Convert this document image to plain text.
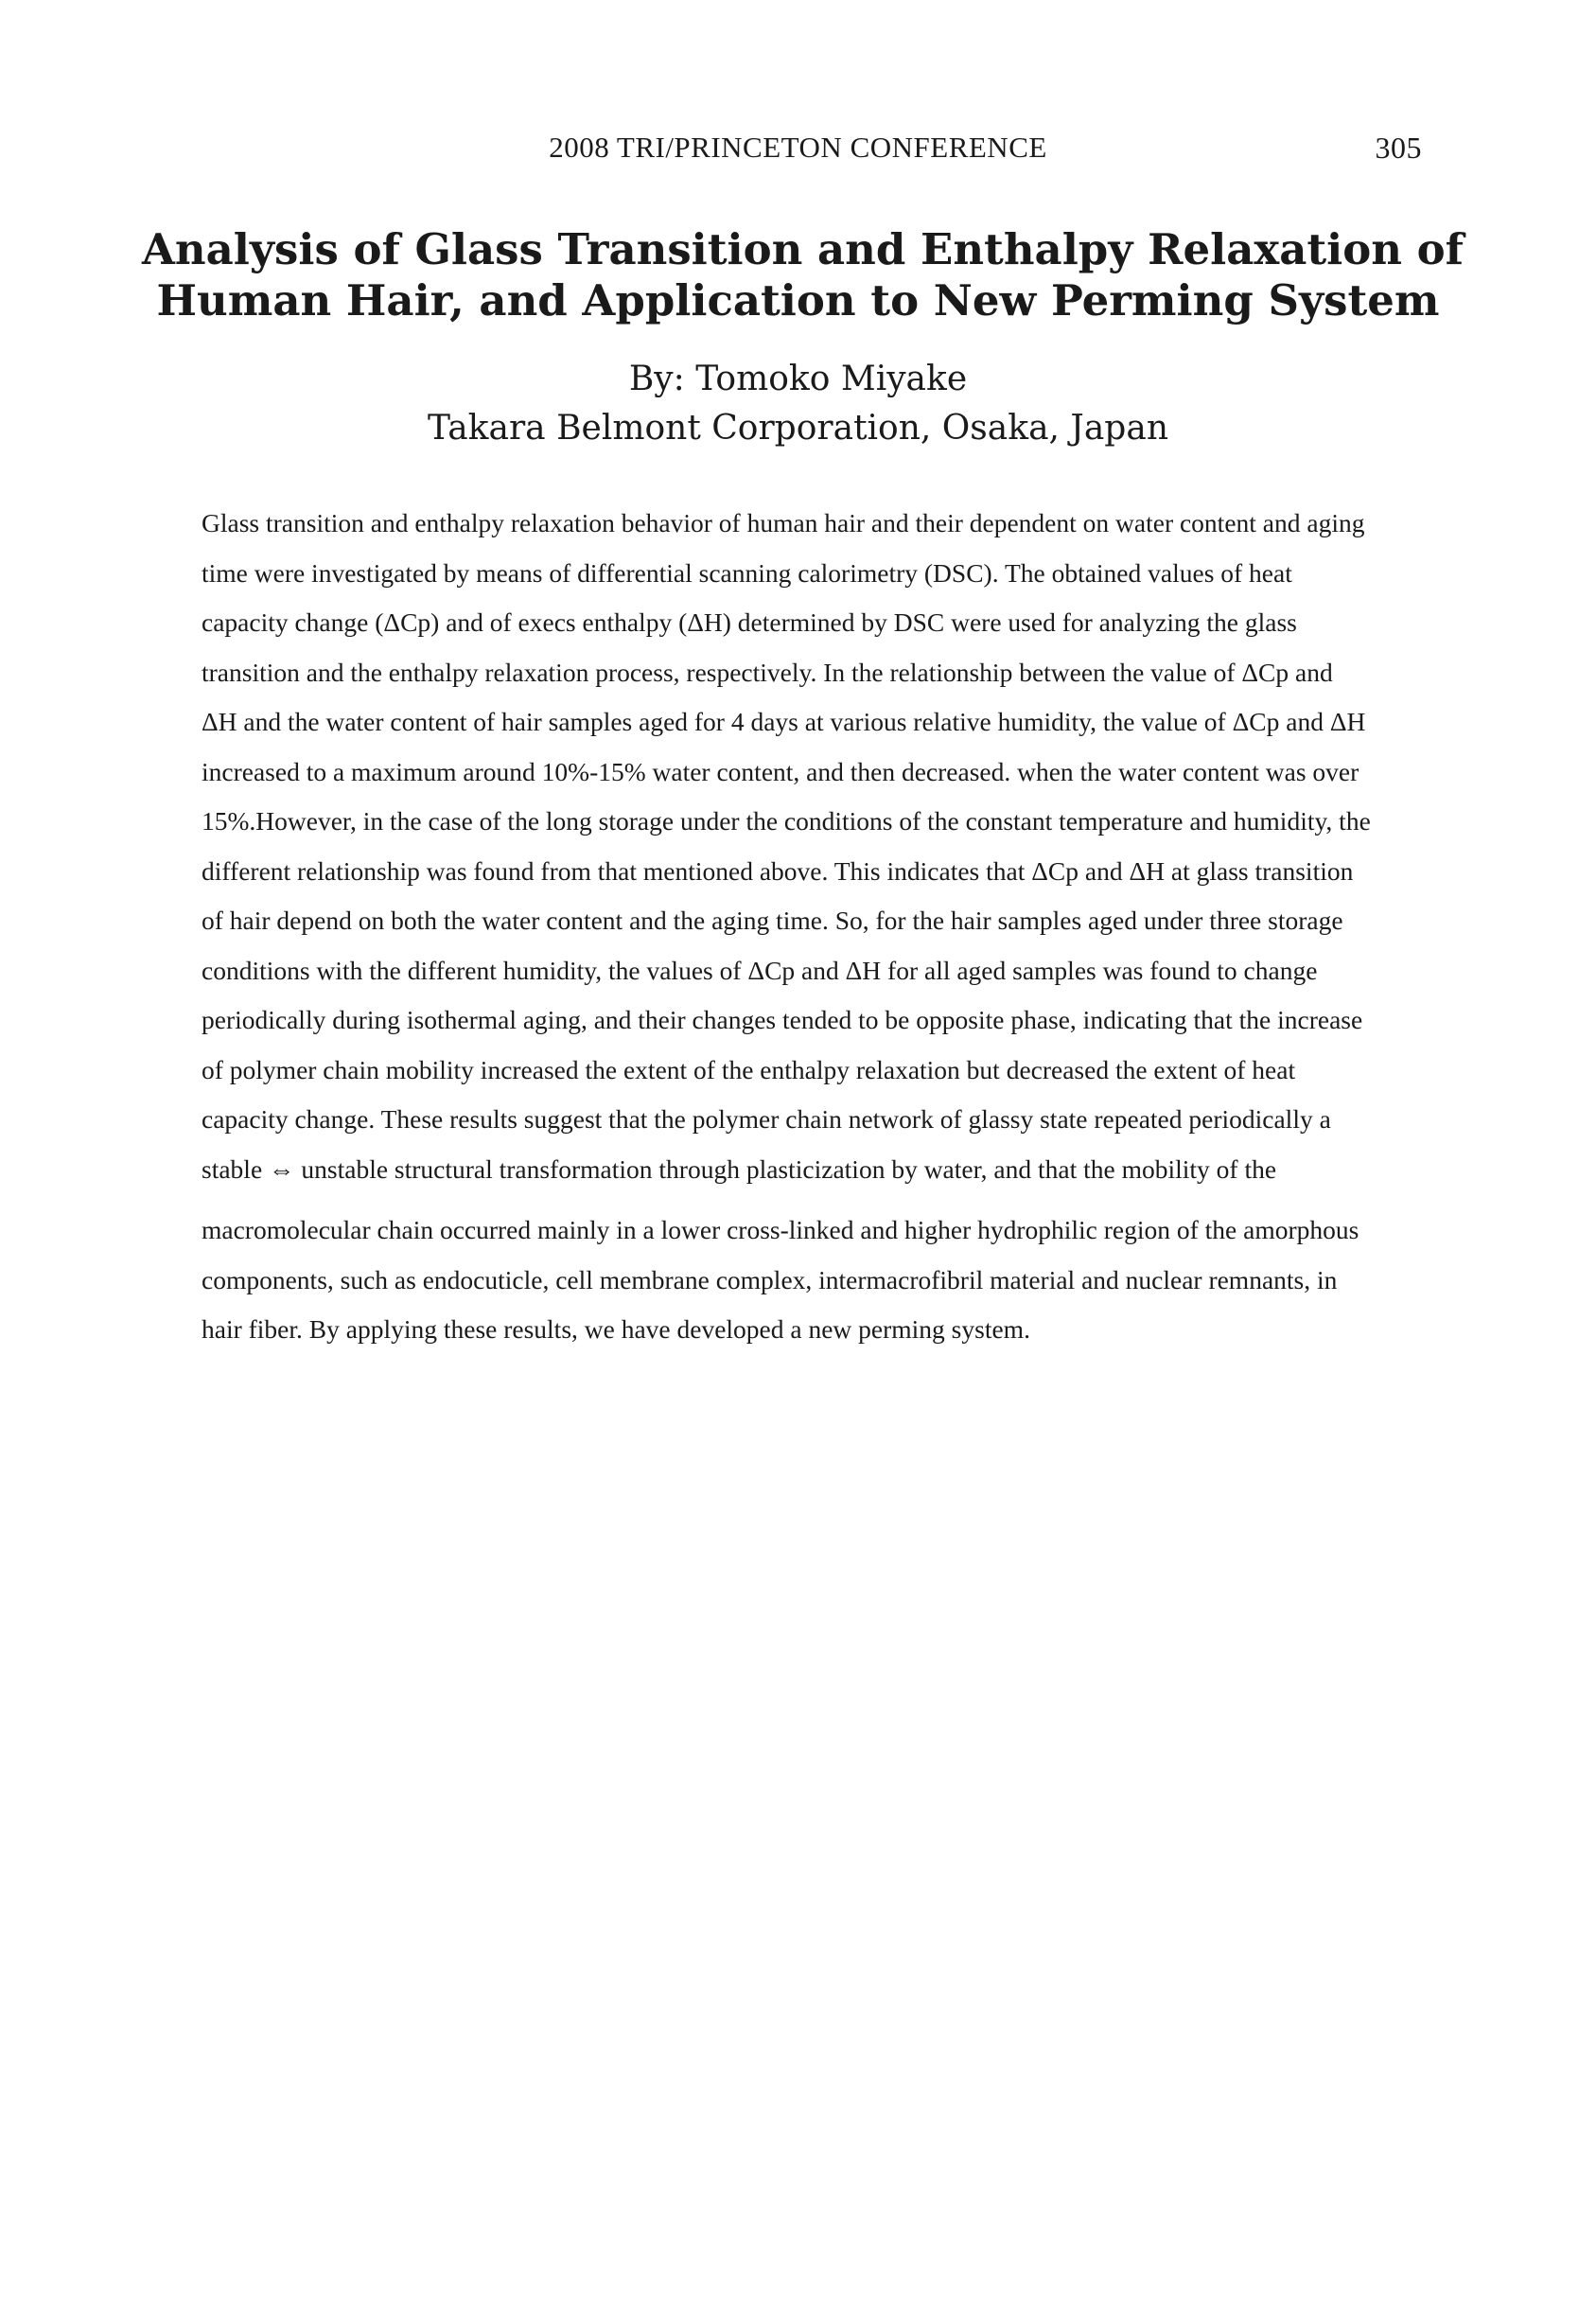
2008 TRI/PRINCETON CONFERENCE	305
Analysis of Glass Transition and Enthalpy Relaxation of
Human Hair, and Application to New Perming System
By: Tomoko Miyake
Takara Belmont Corporation, Osaka, Japan

Glass transition and enthalpy relaxation behavior of human hair and their dependent on water content and aging
time were investigated by means of differential scanning calorimetry (DSC). The obtained values of heat
capacity change (ΔCp) and of execs enthalpy (ΔH) determined by DSC were used for analyzing the glass
transition and the enthalpy relaxation process, respectively. In the relationship between the value of ΔCp and
ΔH and the water content of hair samples aged for 4 days at various relative humidity, the value of ΔCp and ΔH
increased to a maximum around 10%-15% water content, and then decreased. when the water content was over
15%.However, in the case of the long storage under the conditions of the constant temperature and humidity, the
different relationship was found from that mentioned above. This indicates that ΔCp and ΔH at glass transition
of hair depend on both the water content and the aging time. So, for the hair samples aged under three storage
conditions with the different humidity, the values of ΔCp and ΔH for all aged samples was found to change
periodically during isothermal aging, and their changes tended to be opposite phase, indicating that the increase
of polymer chain mobility increased the extent of the enthalpy relaxation but decreased the extent of heat
capacity change. These results suggest that the polymer chain network of glassy state repeated periodically a
stable ⇔ unstable structural transformation through plasticization by water, and that the mobility of the
macromolecular chain occurred mainly in a lower cross-linked and higher hydrophilic region of the amorphous
components, such as endocuticle, cell membrane complex, intermacrofibril material and nuclear remnants, in
hair fiber. By applying these results, we have developed a new perming system.
